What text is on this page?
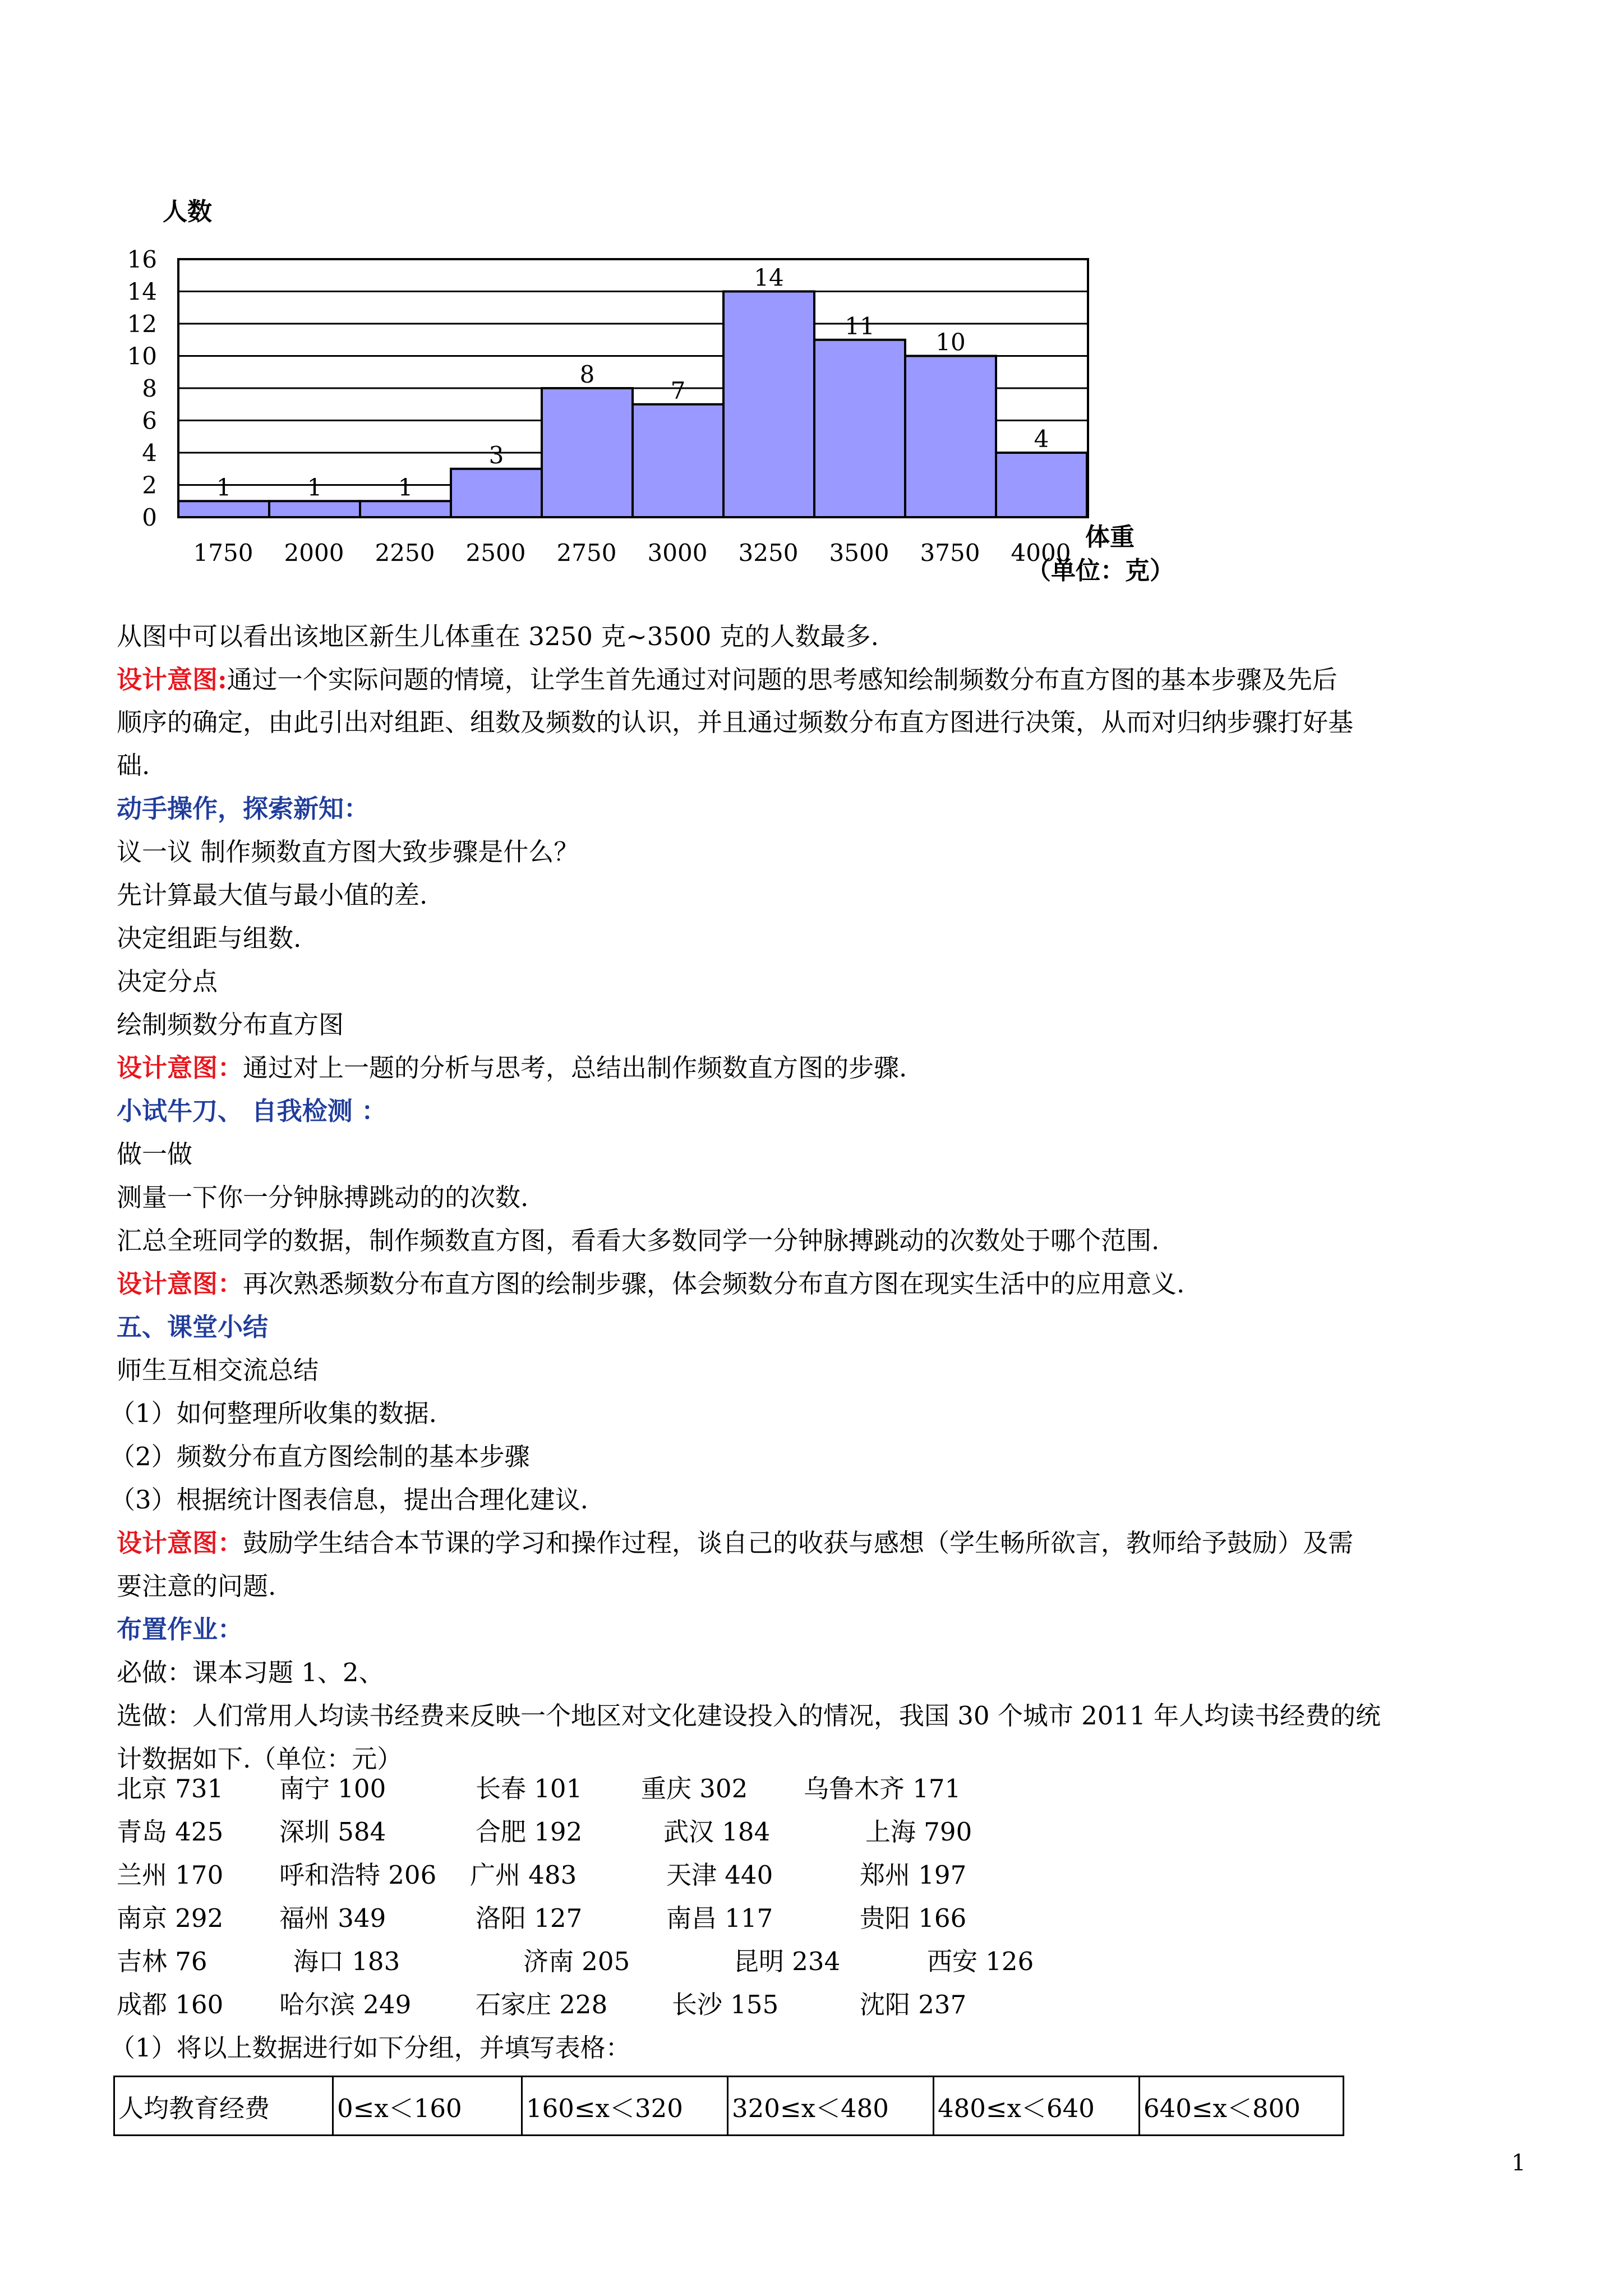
0
2
4
6
8
10
12
14
16
1750 2000 2250 2500 2750 3000 3250 3500 3750 4000
1	1	1
3
8
7
14
11
10
4
人数
体重
（单位：克）
从图中可以看出该地区新生儿体重在 3250 克~3500 克的人数最多.
设计意图:通过一个实际问题的情境，让学生首先通过对问题的思考感知绘制频数分布直方图的基本步骤及先后
顺序的确定，由此引出对组距、组数及频数的认识，并且通过频数分布直方图进行决策，从而对归纳步骤打好基
础.
动手操作，探索新知：
议一议 制作频数直方图大致步骤是什么？
先计算最大值与最小值的差.
决定组距与组数.
决定分点
绘制频数分布直方图
设计意图：通过对上一题的分析与思考，总结出制作频数直方图的步骤.
小试牛刀、 自我检测 ：
做一做
测量一下你一分钟脉搏跳动的的次数.
汇总全班同学的数据，制作频数直方图，看看大多数同学一分钟脉搏跳动的次数处于哪个范围.
设计意图：再次熟悉频数分布直方图的绘制步骤，体会频数分布直方图在现实生活中的应用意义.
五、课堂小结
师生互相交流总结
（1）如何整理所收集的数据.
（2）频数分布直方图绘制的基本步骤
（3）根据统计图表信息，提出合理化建议.
设计意图：鼓励学生结合本节课的学习和操作过程，谈自己的收获与感想（学生畅所欲言，教师给予鼓励）及需
要注意的问题.
布置作业：
必做：课本习题 1、2、
选做：人们常用人均读书经费来反映一个地区对文化建设投入的情况，我国 30 个城市 2011 年人均读书经费的统
计数据如下.（单位：元）
北京 731 南宁 100	长春 101 重庆 302 乌鲁木齐 171
青岛 425 深圳 584	合肥 192	武汉 184	上海 790
兰州 170 呼和浩特 206 广州 483	天津 440	郑州 197
南京 292 福州 349	洛阳 127	南昌 117	贵阳 166
吉林 76	海口 183	济南 205	昆明 234	西安 126
成都 160 哈尔滨 249	石家庄 228	长沙 155	沈阳 237
（1）将以上数据进行如下分组，并填写表格：
人均教育经费	0≤x＜160	160≤x＜320	320≤x＜480	480≤x＜640	640≤x＜800
1
